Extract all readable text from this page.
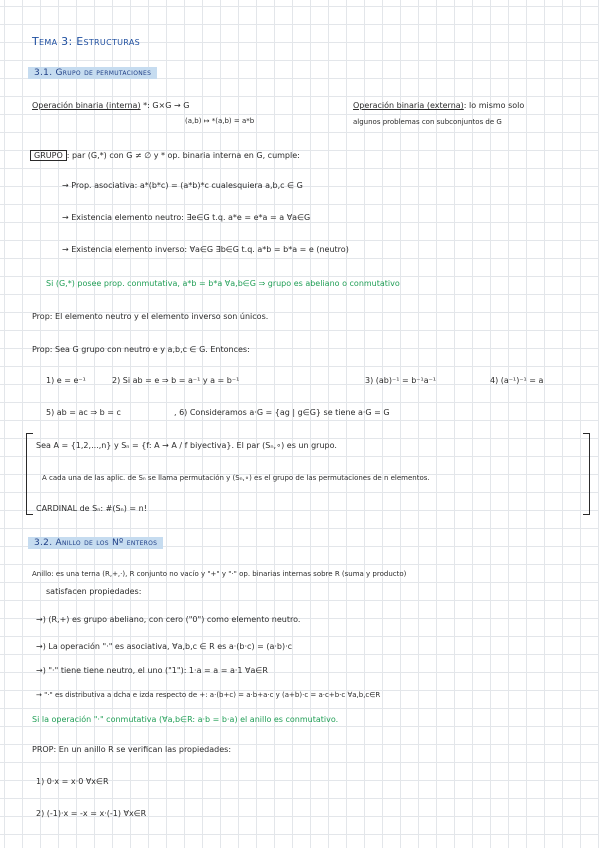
Tema 3: Estructuras
3.1. Grupo de permutaciones
Operación binaria (interna) *: G×G → G
(a,b) ↦ *(a,b) = a*b
Operación binaria (externa): lo mismo solo
algunos problemas con subconjuntos de G
GRUPO : par (G,*) con G ≠ ∅ y * op. binaria interna en G, cumple:
→ Prop. asociativa: a*(b*c) = (a*b)*c cualesquiera a,b,c ∈ G
→ Existencia elemento neutro: ∃e∈G t.q. a*e = e*a = a ∀a∈G
→ Existencia elemento inverso: ∀a∈G ∃b∈G t.q. a*b = b*a = e (neutro)
Si (G,*) posee prop. conmutativa, a*b = b*a ∀a,b∈G ⇒ grupo es abeliano o conmutativo
Prop: El elemento neutro y el elemento inverso son únicos.
Prop: Sea G grupo con neutro e y a,b,c ∈ G. Entonces:
1) e = e⁻¹	2) Si ab = e ⇒ b = a⁻¹ y a = b⁻¹	3) (ab)⁻¹ = b⁻¹a⁻¹	4) (a⁻¹)⁻¹ = a
5) ab = ac ⇒ b = c	, 6) Consideramos a·G = {ag | g∈G} se tiene a·G = G
Sea A = {1,2,...,n} y Sₙ = {f: A → A / f biyectiva}. El par (Sₙ,∘) es un grupo.
A cada una de las aplic. de Sₙ se llama permutación y (Sₙ,∘) es el grupo de las permutaciones de n elementos.
CARDINAL de Sₙ: #(Sₙ) = n!
3.2. Anillo de los Nº enteros
Anillo: es una terna (R,+,·), R conjunto no vacío y "+" y "·" op. binarias internas sobre R (suma y producto)
satisfacen propiedades:
→) (R,+) es grupo abeliano, con cero ("0") como elemento neutro.
→) La operación "·" es asociativa, ∀a,b,c ∈ R es a·(b·c) = (a·b)·c
→) "·" tiene tiene neutro, el uno ("1"): 1·a = a = a·1 ∀a∈R
→ "·" es distributiva a dcha e izda respecto de +: a·(b+c) = a·b+a·c y (a+b)·c = a·c+b·c ∀a,b,c∈R
Si la operación "·" conmutativa (∀a,b∈R: a·b = b·a) el anillo es conmutativo.
PROP: En un anillo R se verifican las propiedades:
1) 0·x = x·0 ∀x∈R
2) (-1)·x = -x = x·(-1) ∀x∈R
